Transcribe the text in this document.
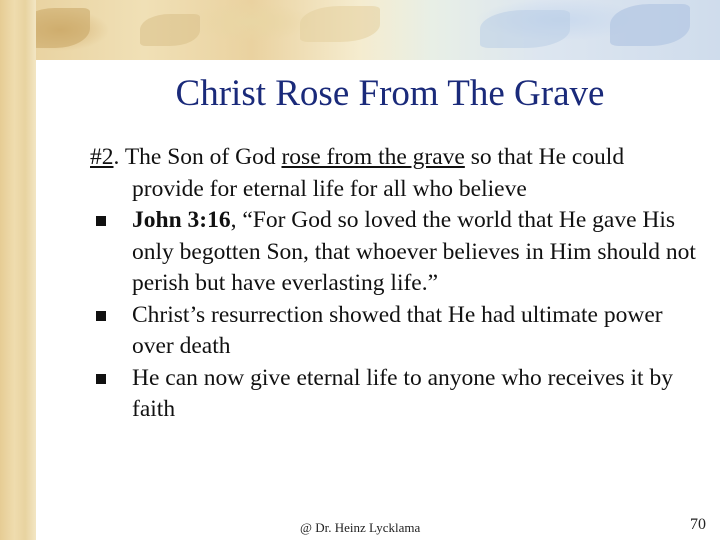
Christ Rose From The Grave

#2. The Son of God rose from the grave so that He could provide for eternal life for all who believe

John 3:16, “For God so loved the world that He gave His only begotten Son, that whoever believes in Him should not perish but have everlasting life.”

Christ’s resurrection showed that He had ultimate power over death

He can now give eternal life to anyone who receives it by faith

@ Dr. Heinz Lycklama	70
